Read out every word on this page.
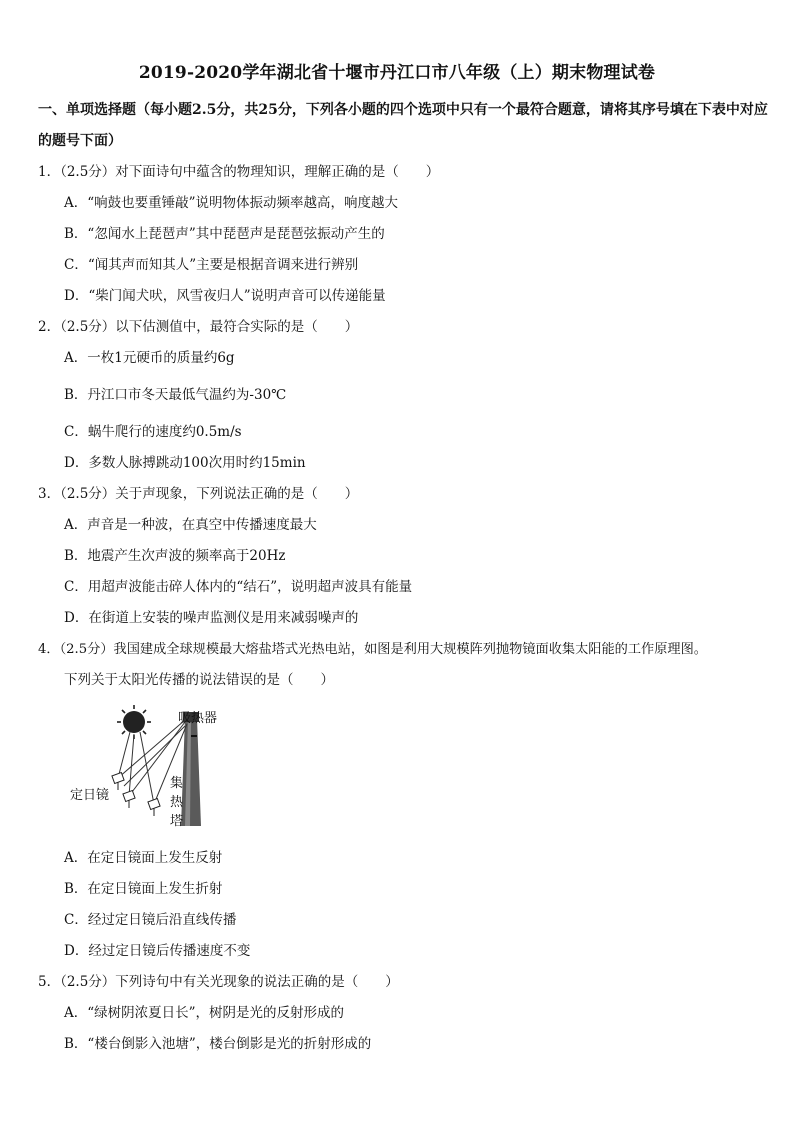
2019-2020学年湖北省十堰市丹江口市八年级（上）期末物理试卷
一、单项选择题（每小题2.5分，共25分，下列各小题的四个选项中只有一个最符合题意，请将其序号填在下表中对应的题号下面）
1．（2.5分）对下面诗句中蕴含的物理知识，理解正确的是（　　）
A．“响鼓也要重锤敲”说明物体振动频率越高，响度越大
B．“忽闻水上琵琶声”其中琵琶声是琵琶弦振动产生的
C．“闻其声而知其人”主要是根据音调来进行辨别
D．“柴门闻犬吠，风雪夜归人”说明声音可以传递能量
2．（2.5分）以下估测值中，最符合实际的是（　　）
A．一枚1元硬币的质量约6g
B．丹江口市冬天最低气温约为-30℃
C．蜗牛爬行的速度约0.5m/s
D．多数人脉搏跳动100次用时约15min
3．（2.5分）关于声现象，下列说法正确的是（　　）
A．声音是一种波，在真空中传播速度最大
B．地震产生次声波的频率高于20Hz
C．用超声波能击碎人体内的“结石”，说明超声波具有能量
D．在街道上安装的噪声监测仪是用来减弱噪声的
4．（2.5分）我国建成全球规模最大熔盐塔式光热电站，如图是利用大规模阵列抛物镜面收集太阳能的工作原理图。
下列关于太阳光传播的说法错误的是（　　）
吸热器
定日镜
集
热
塔
A．在定日镜面上发生反射
B．在定日镜面上发生折射
C．经过定日镜后沿直线传播
D．经过定日镜后传播速度不变
5．（2.5分）下列诗句中有关光现象的说法正确的是（　　）
A．“绿树阴浓夏日长”，树阴是光的反射形成的
B．“楼台倒影入池塘”，楼台倒影是光的折射形成的
